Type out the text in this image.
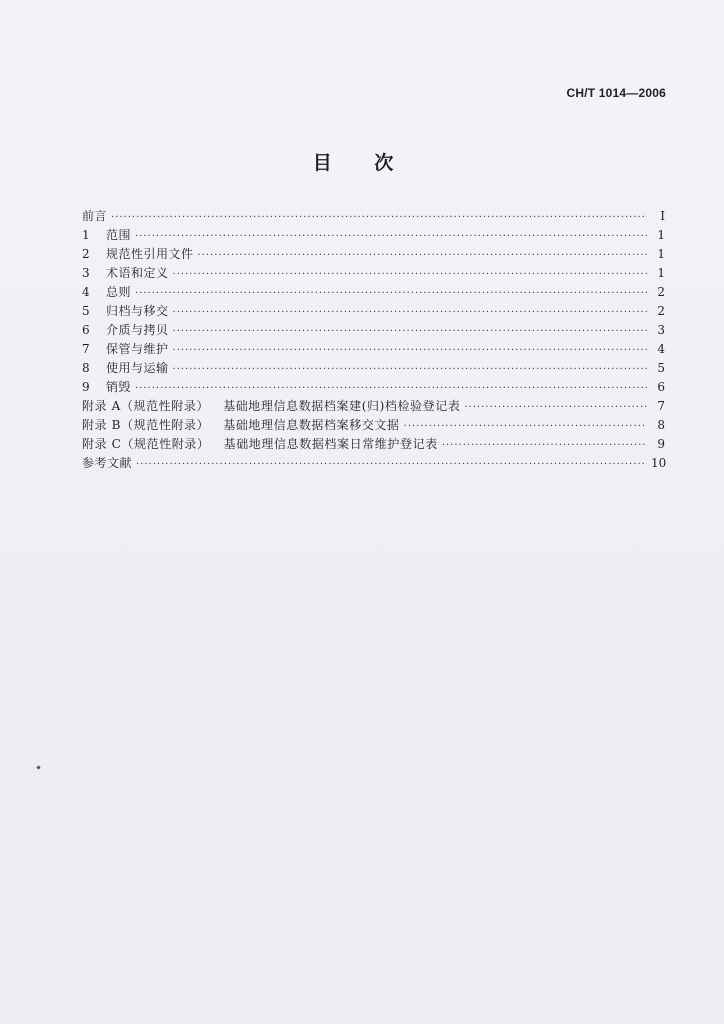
CH/T 1014—2006
目 次
前言 ·····	I
1	范围 ·····	1
2	规范性引用文件 ·····	1
3	术语和定义 ·····	1
4	总则 ·····	2
5	归档与移交 ·····	2
6	介质与拷贝 ·····	3
7	保管与维护 ·····	4
8	使用与运输 ·····	5
9	销毁 ·····	6
附录 A（规范性附录） 基础地理信息数据档案建(归)档检验登记表 ·····	7
附录 B（规范性附录） 基础地理信息数据档案移交文据 ·····	8
附录 C（规范性附录） 基础地理信息数据档案日常维护登记表 ·····	9
参考文献 ·····	10
